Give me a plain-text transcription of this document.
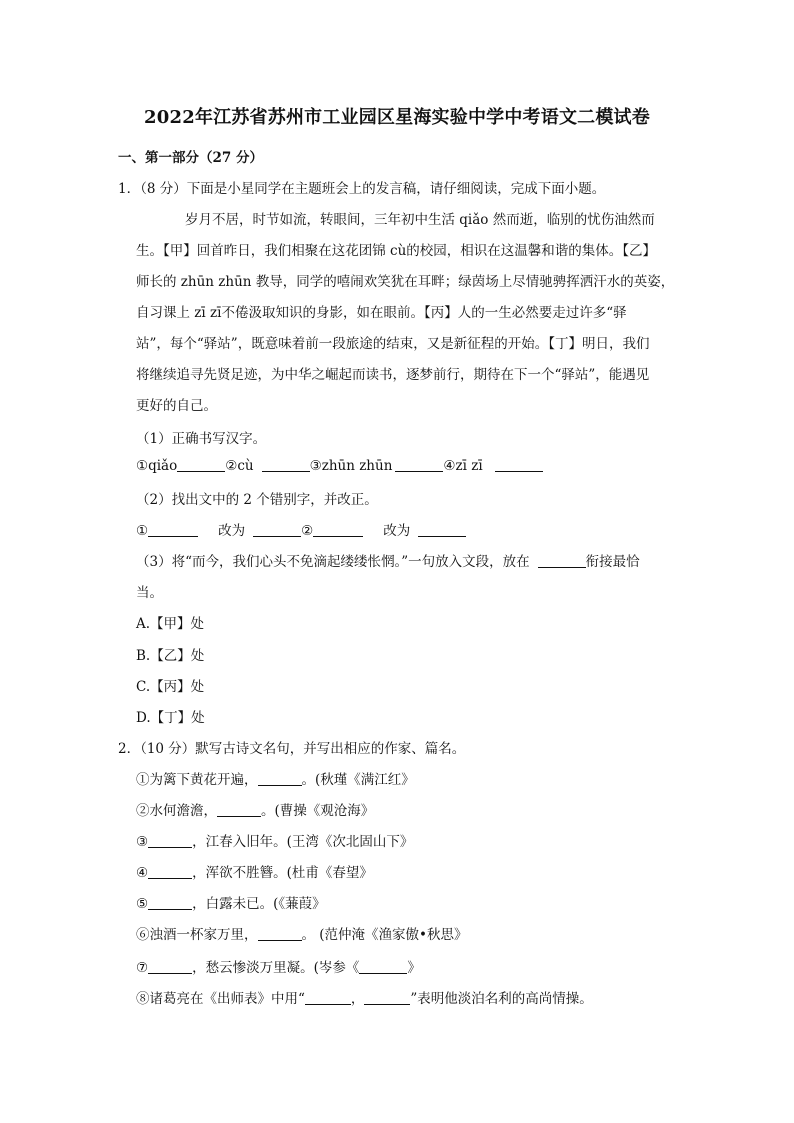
2022年江苏省苏州市工业园区星海实验中学中考语文二模试卷
一、第一部分（27 分）
1．（8 分）下面是小星同学在主题班会上的发言稿，请仔细阅读，完成下面小题。
岁月不居，时节如流，转眼间，三年初中生活 qiǎo 然而逝，临别的忧伤油然而
生。【甲】回首昨日，我们相聚在这花团锦 cù的校园，相识在这温馨和谐的集体。【乙】
师长的 zhūn zhūn 教导，同学的嘻闹欢笑犹在耳畔；绿茵场上尽情驰骋挥洒汗水的英姿，
自习课上 zī zī不倦汲取知识的身影，如在眼前。【丙】人的一生必然要走过许多“驿
站”，每个“驿站”，既意味着前一段旅途的结束，又是新征程的开始。【丁】明日，我们
将继续追寻先贤足迹，为中华之崛起而读书，逐梦前行，期待在下一个“驿站”，能遇见
更好的自己。
（1）正确书写汉字。
①qiǎo	②cù	③zhūn zhūn	④zī zī
（2）找出文中的 2 个错别字，并改正。
①	改为	②	改为
（3）将“而今，我们心头不免滴起缕缕怅惘。”一句放入文段，放在	衔接最恰
当。
A.【甲】处
B.【乙】处
C.【丙】处
D.【丁】处
2．（10 分）默写古诗文名句，并写出相应的作家、篇名。
①为篱下黄花开遍，	。(秋瑾《满江红》
②水何澹澹，	。(曹操《观沧海》
③	，江春入旧年。(王湾《次北固山下》
④	，浑欲不胜簪。(杜甫《春望》
⑤	，白露未已。(《蒹葭》
⑥浊酒一杯家万里，	。 (范仲淹《渔家傲•秋思》
⑦	，愁云惨淡万里凝。(岑参《	》
⑧诸葛亮在《出师表》中用“	，	”表明他淡泊名利的高尚情操。
